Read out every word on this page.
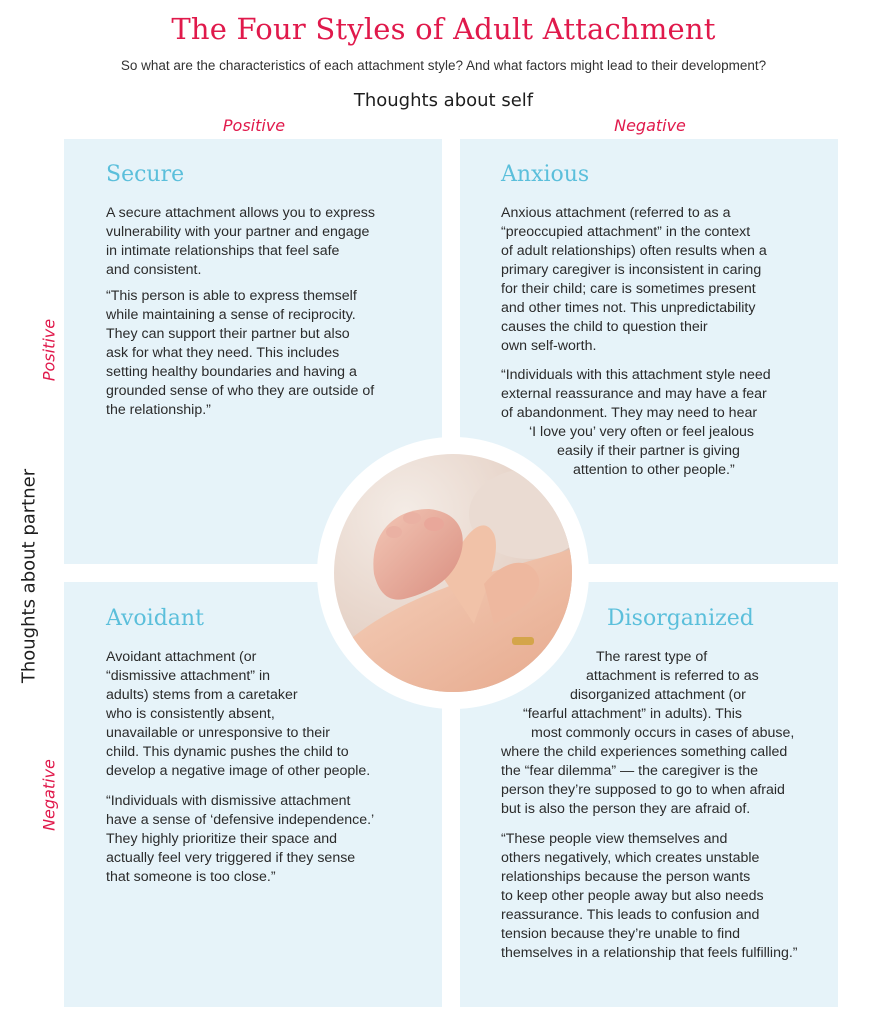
The Four Styles of Adult Attachment
So what are the characteristics of each attachment style? And what factors might lead to their development?
Thoughts about self
Positive	Negative
Thoughts about partner
Positive
Negative
Secure
A secure attachment allows you to express
vulnerability with your partner and engage
in intimate relationships that feel safe
and consistent.
“This person is able to express themself
while maintaining a sense of reciprocity.
They can support their partner but also
ask for what they need. This includes
setting healthy boundaries and having a
grounded sense of who they are outside of
the relationship.”
Anxious
Anxious attachment (referred to as a
“preoccupied attachment” in the context
of adult relationships) often results when a
primary caregiver is inconsistent in caring
for their child; care is sometimes present
and other times not. This unpredictability
causes the child to question their
own self-worth.
“Individuals with this attachment style need
external reassurance and may have a fear
of abandonment. They may need to hear
‘I love you’ very often or feel jealous
easily if their partner is giving
attention to other people.”
Avoidant
Avoidant attachment (or
“dismissive attachment” in
adults) stems from a caretaker
who is consistently absent,
unavailable or unresponsive to their
child. This dynamic pushes the child to
develop a negative image of other people.
“Individuals with dismissive attachment
have a sense of ‘defensive independence.’
They highly prioritize their space and
actually feel very triggered if they sense
that someone is too close.”
Disorganized
The rarest type of
attachment is referred to as
disorganized attachment (or
“fearful attachment” in adults). This
most commonly occurs in cases of abuse,
where the child experiences something called
the “fear dilemma” — the caregiver is the
person they’re supposed to go to when afraid
but is also the person they are afraid of.
“These people view themselves and
others negatively, which creates unstable
relationships because the person wants
to keep other people away but also needs
reassurance. This leads to confusion and
tension because they’re unable to find
themselves in a relationship that feels fulfilling.”
